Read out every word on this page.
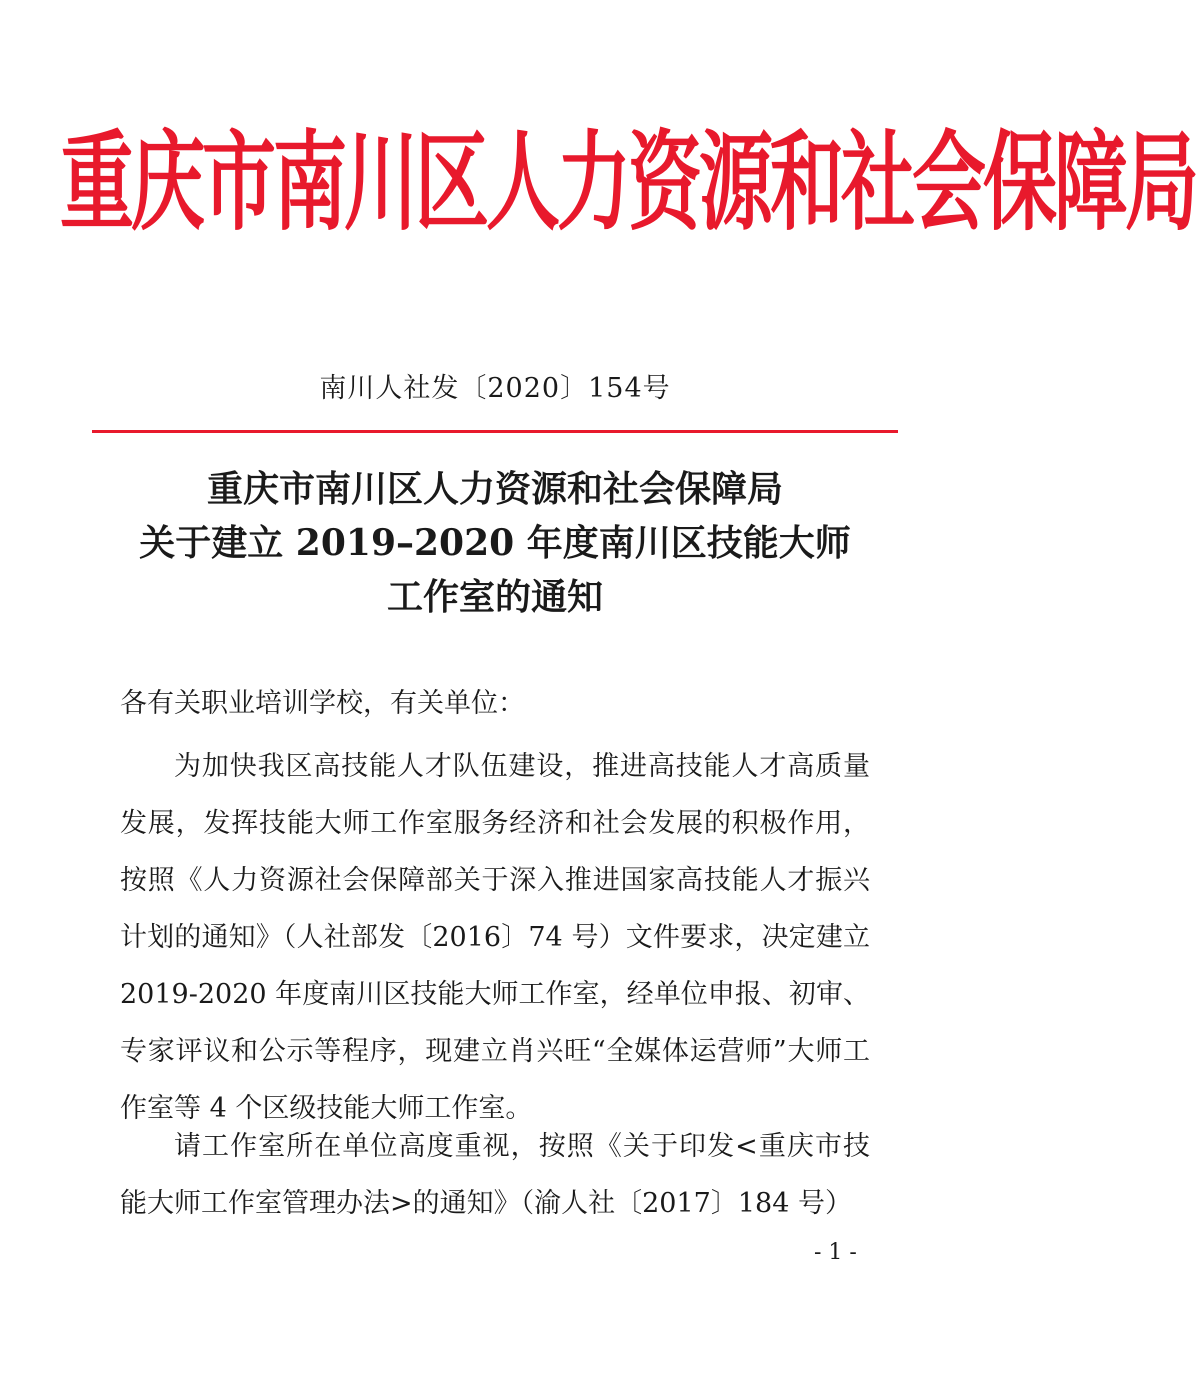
重庆市南川区人力资源和社会保障局
南川人社发〔2020〕154号
重庆市南川区人力资源和社会保障局
关于建立 2019–2020 年度南川区技能大师
工作室的通知
各有关职业培训学校，有关单位：
为加快我区高技能人才队伍建设，推进高技能人才高质量发展，发挥技能大师工作室服务经济和社会发展的积极作用，按照《人力资源社会保障部关于深入推进国家高技能人才振兴计划的通知》（人社部发〔2016〕74 号）文件要求，决定建立 2019-2020 年度南川区技能大师工作室，经单位申报、初审、专家评议和公示等程序，现建立肖兴旺“全媒体运营师”大师工作室等 4 个区级技能大师工作室。
请工作室所在单位高度重视，按照《关于印发<重庆市技能大师工作室管理办法>的通知》（渝人社〔2017〕184 号）
- 1 -
